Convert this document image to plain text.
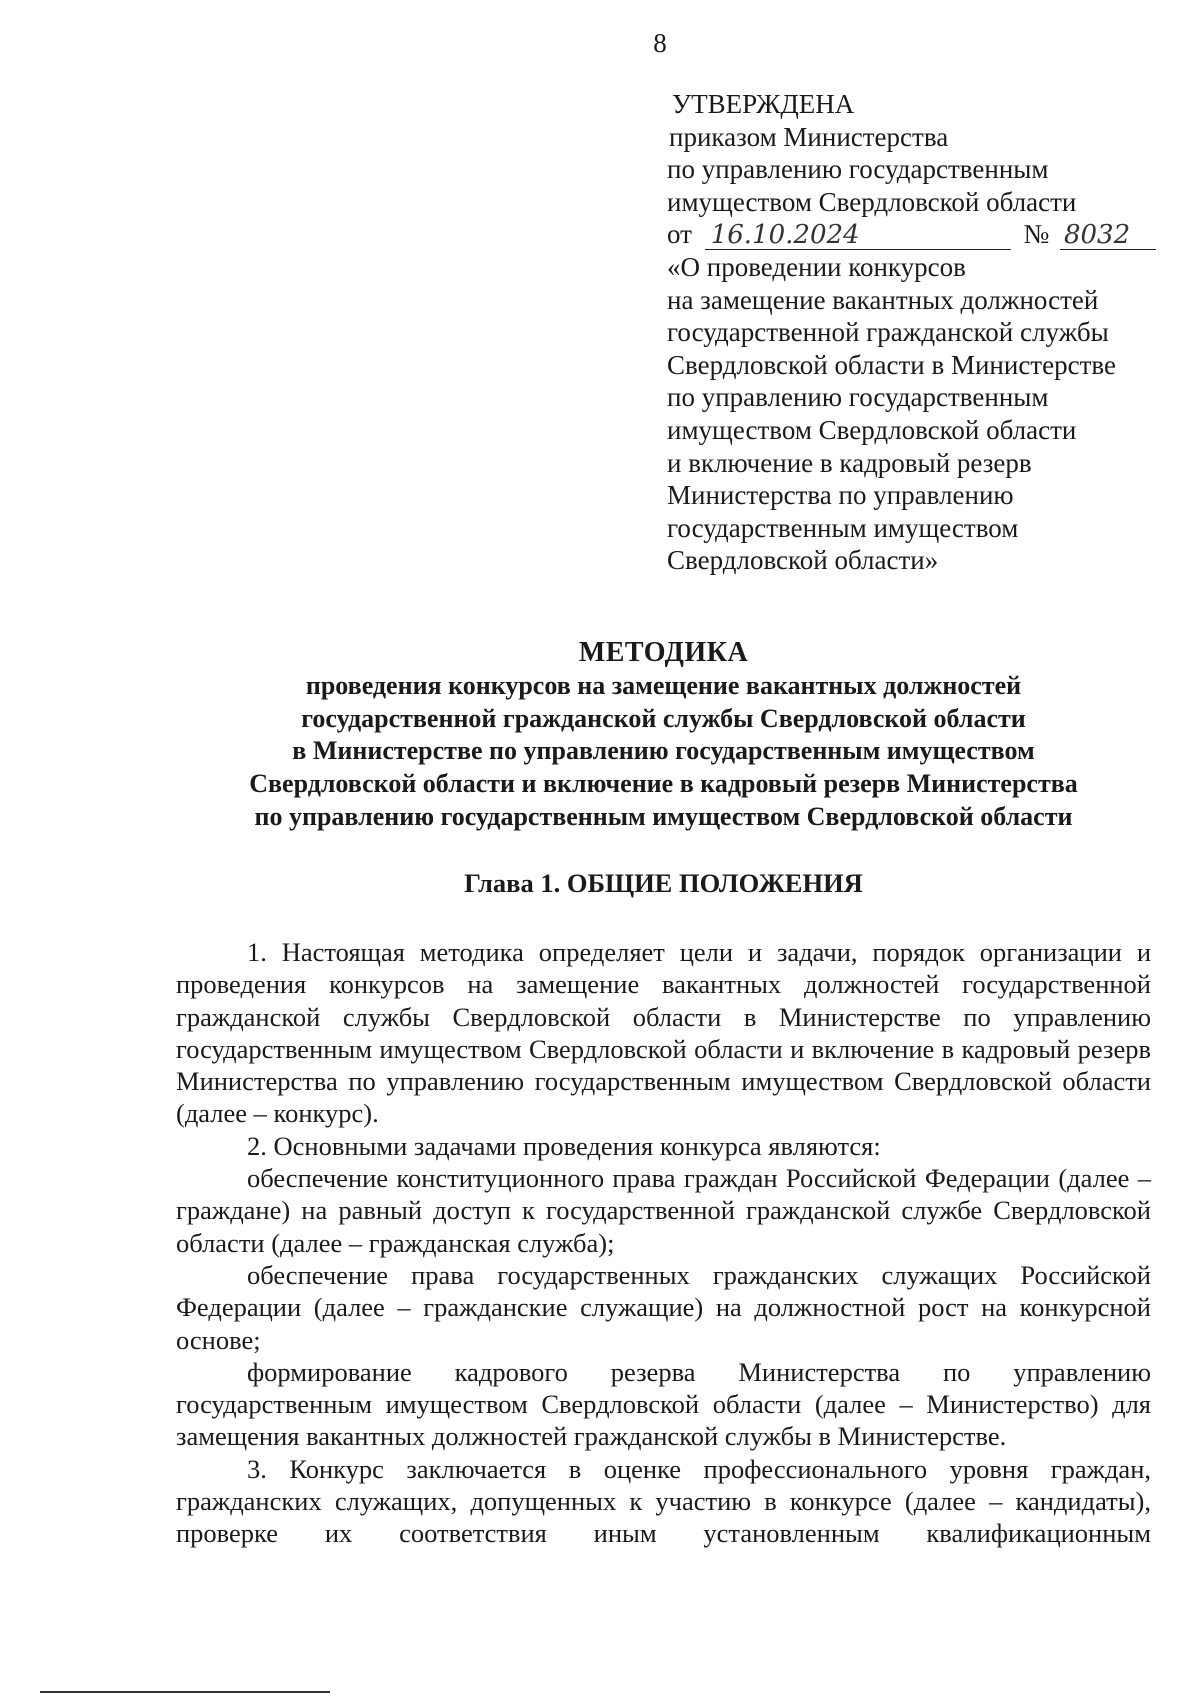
8
УТВЕРЖДЕНА
приказом Министерства
по управлению государственным
имуществом Свердловской области
от 16.10.2024	№ 8032
«О проведении конкурсов
на замещение вакантных должностей
государственной гражданской службы
Свердловской области в Министерстве
по управлению государственным
имуществом Свердловской области
и включение в кадровый резерв
Министерства по управлению
государственным имуществом
Свердловской области»
МЕТОДИКА
проведения конкурсов на замещение вакантных должностей
государственной гражданской службы Свердловской области
в Министерстве по управлению государственным имуществом
Свердловской области и включение в кадровый резерв Министерства
по управлению государственным имуществом Свердловской области
Глава 1. ОБЩИЕ ПОЛОЖЕНИЯ

1. Настоящая методика определяет цели и задачи, порядок организации и проведения конкурсов на замещение вакантных должностей государственной гражданской службы Свердловской области в Министерстве по управлению государственным имуществом Свердловской области и включение в кадровый резерв Министерства по управлению государственным имуществом Свердловской области (далее – конкурс).

2. Основными задачами проведения конкурса являются:

обеспечение конституционного права граждан Российской Федерации (далее – граждане) на равный доступ к государственной гражданской службе Свердловской области (далее – гражданская служба);

обеспечение права государственных гражданских служащих Российской Федерации (далее – гражданские служащие) на должностной рост на конкурсной основе;

формирование кадрового резерва Министерства по управлению государственным имуществом Свердловской области (далее – Министерство) для замещения вакантных должностей гражданской службы в Министерстве.

3. Конкурс заключается в оценке профессионального уровня граждан, гражданских служащих, допущенных к участию в конкурсе (далее – кандидаты), проверке их соответствия иным установленным квалификационным
